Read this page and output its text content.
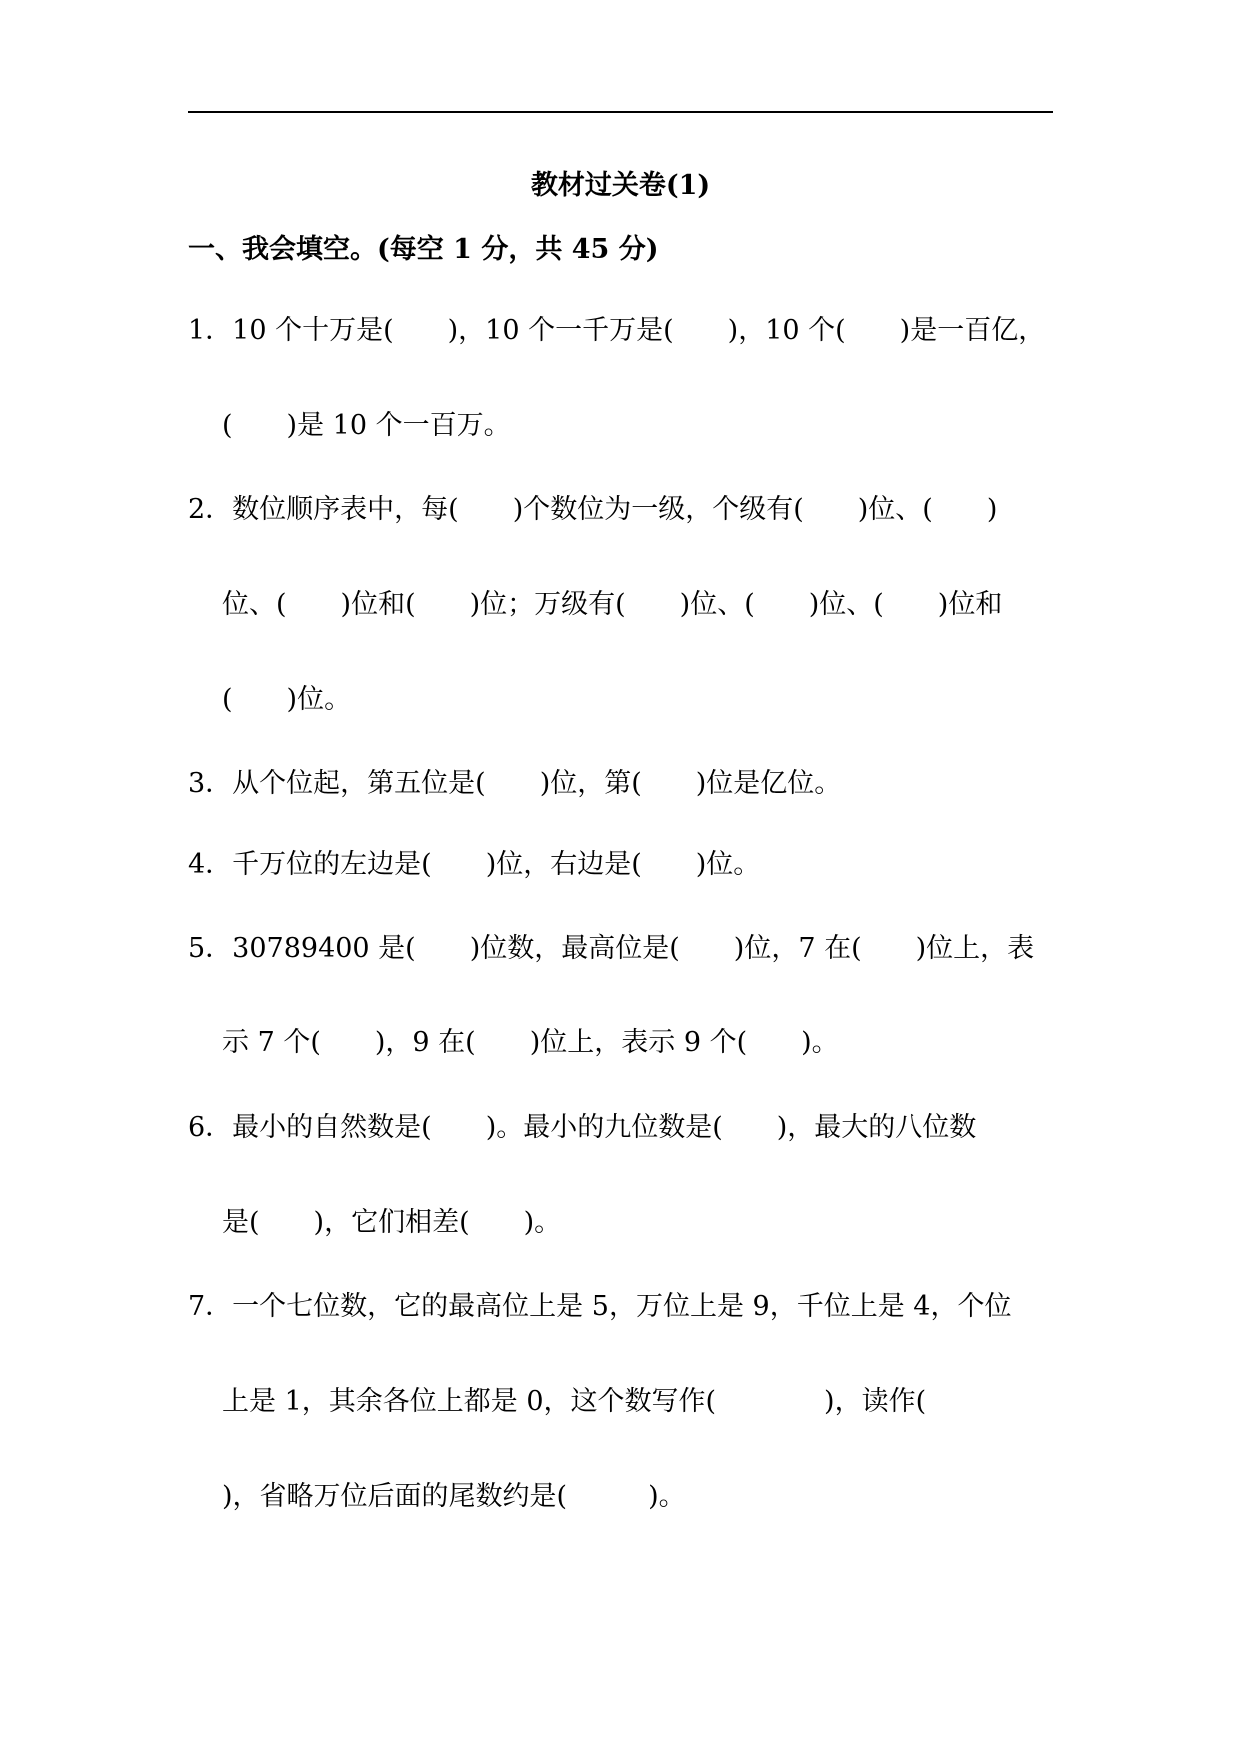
教材过关卷(1)
一、我会填空。(每空 1 分，共 45 分)
1．10 个十万是(　　)，10 个一千万是(　　)，10 个(　　)是一百亿，
(　　)是 10 个一百万。
2．数位顺序表中，每(　　)个数位为一级，个级有(　　)位、(　　)
位、(　　)位和(　　)位；万级有(　　)位、(　　)位、(　　)位和
(　　)位。
3．从个位起，第五位是(　　)位，第(　　)位是亿位。
4．千万位的左边是(　　)位，右边是(　　)位。
5．30789400 是(　　)位数，最高位是(　　)位，7 在(　　)位上，表
示 7 个(　　)，9 在(　　)位上，表示 9 个(　　)。
6．最小的自然数是(　　)。最小的九位数是(　　)，最大的八位数
是(　　)，它们相差(　　)。
7．一个七位数，它的最高位上是 5，万位上是 9，千位上是 4，个位
上是 1，其余各位上都是 0，这个数写作(　　　　)，读作(
)，省略万位后面的尾数约是(　　　)。
